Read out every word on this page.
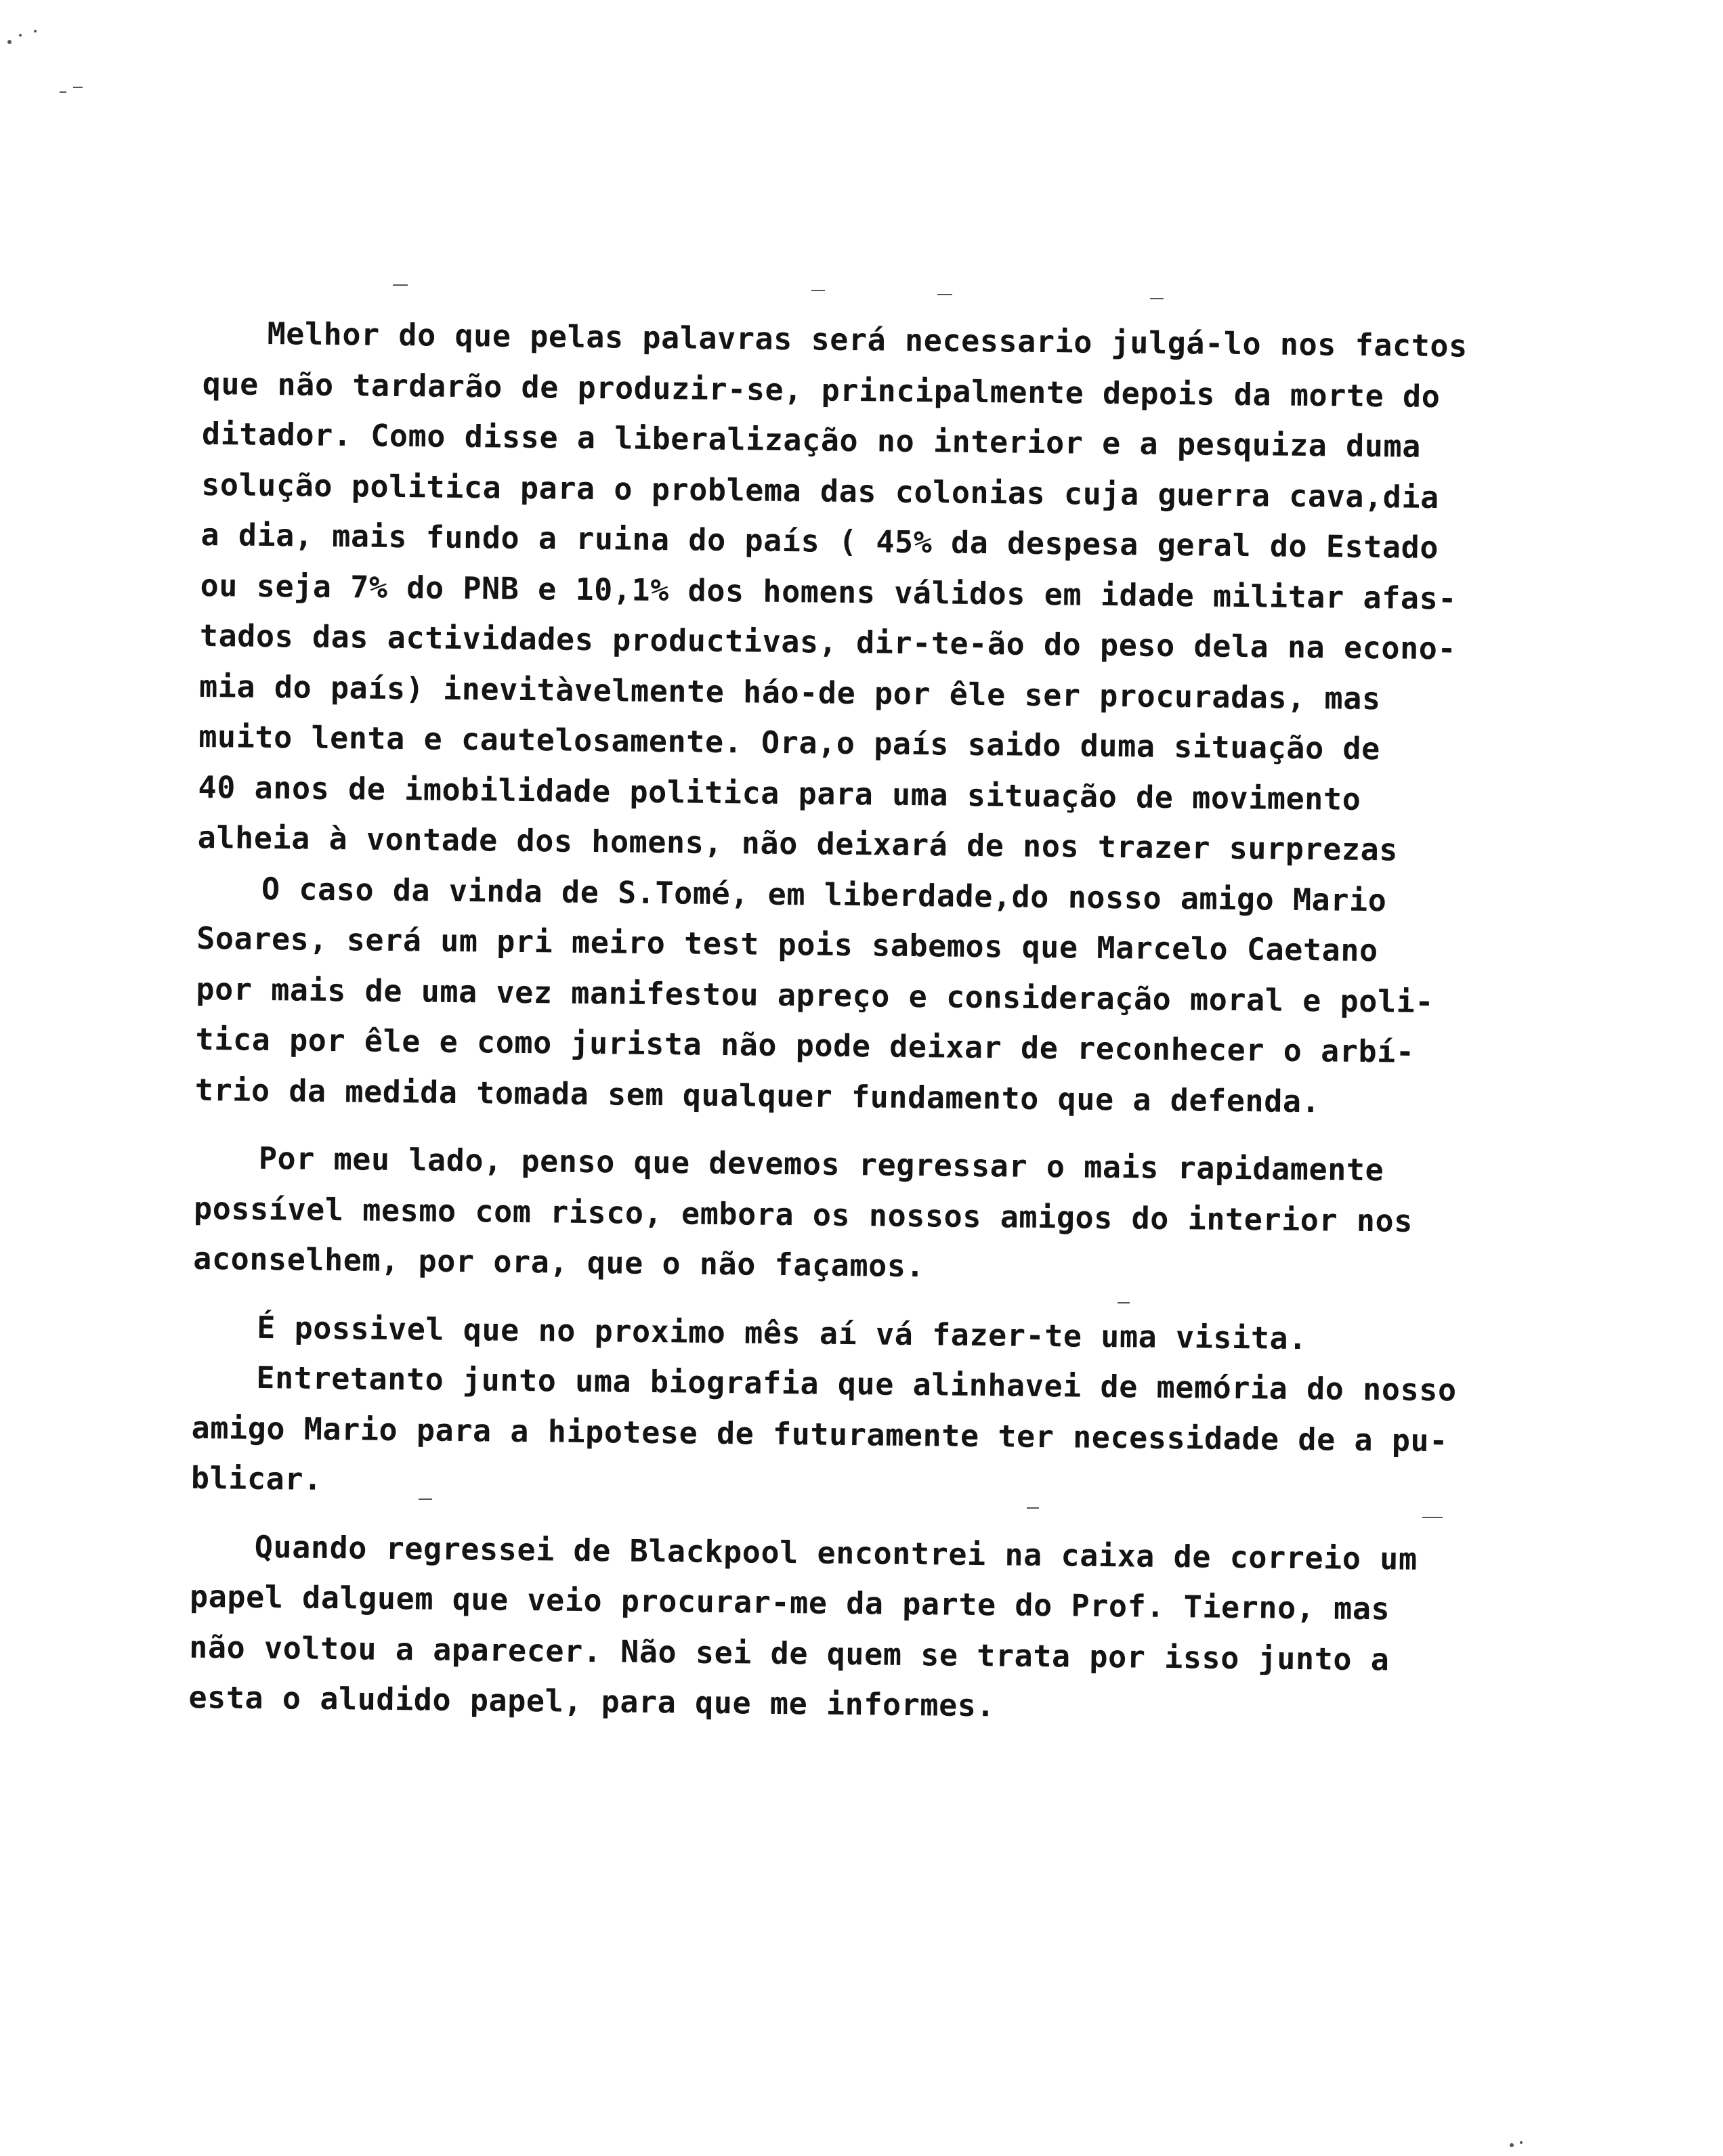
Melhor do que pelas palavras será necessario julgá-lo nos factos
que não tardarão de produzir-se, principalmente depois da morte do
ditador. Como disse a liberalização no interior e a pesquiza duma
solução politica para o problema das colonias cuja guerra cava,dia
a dia, mais fundo a ruina do país ( 45% da despesa geral do Estado
ou seja 7% do PNB e 10,1% dos homens válidos em idade militar afas-
tados das actividades productivas, dir-te-ão do peso dela na econo-
mia do país) inevitàvelmente háo-de por êle ser procuradas, mas
muito lenta e cautelosamente. Ora,o país saido duma situação de
40 anos de imobilidade politica para uma situação de movimento
alheia à vontade dos homens, não deixará de nos trazer surprezas
O caso da vinda de S.Tomé, em liberdade,do nosso amigo Mario
Soares, será um pri meiro test pois sabemos que Marcelo Caetano
por mais de uma vez manifestou apreço e consideração moral e poli-
tica por êle e como jurista não pode deixar de reconhecer o arbí-
trio da medida tomada sem qualquer fundamento que a defenda.
Por meu lado, penso que devemos regressar o mais rapidamente
possível mesmo com risco, embora os nossos amigos do interior nos
aconselhem, por ora, que o não façamos.
É possivel que no proximo mês aí vá fazer-te uma visita.
Entretanto junto uma biografia que alinhavei de memória do nosso
amigo Mario para a hipotese de futuramente ter necessidade de a pu-
blicar.
Quando regressei de Blackpool encontrei na caixa de correio um
papel dalguem que veio procurar-me da parte do Prof. Tierno, mas
não voltou a aparecer. Não sei de quem se trata por isso junto a
esta o aludido papel, para que me informes.
